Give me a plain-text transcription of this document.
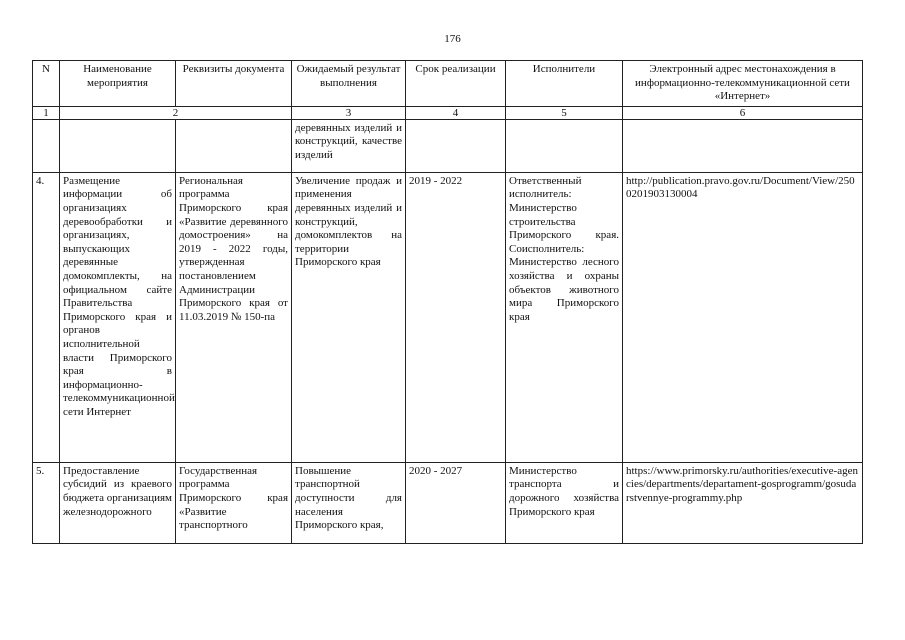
176
N	Наименование мероприятия	Реквизиты документа	Ожидаемый результат выполнения	Срок реализации	Исполнители	Электронный адрес местонахождения в информационно-телекоммуникационной сети «Интернет»
1	2		3	4	5	6
			деревянных изделий и конструкций, качестве изделий			
4.	Размещение информации об организациях деревообработки и организациях, выпускающих деревянные домокомплекты, на официальном сайте Правительства Приморского края и органов исполнительной власти Приморского края в информационно-телекоммуникационной сети Интернет	Региональная программа Приморского края «Развитие деревянного домостроения» на 2019 - 2022 годы, утвержденная постановлением Администрации Приморского края от 11.03.2019 № 150-па	Увеличение продаж и применения деревянных изделий и конструкций, домокомплектов на территории Приморского края	2019 - 2022	Ответственный исполнитель: Министерство строительства Приморского края. Соисполнитель: Министерство лесного хозяйства и охраны объектов животного мира Приморского края	http://publication.pravo.gov.ru/Document/View/2500201903130004
5.	Предоставление субсидий из краевого бюджета организациям железнодорожного	Государственная программа Приморского края «Развитие транспортного	Повышение транспортной доступности для населения Приморского края,	2020 - 2027	Министерство транспорта и дорожного хозяйства Приморского края	https://www.primorsky.ru/authorities/executive-agencies/departments/departament-gosprogramm/gosudarstvennye-programmy.php
